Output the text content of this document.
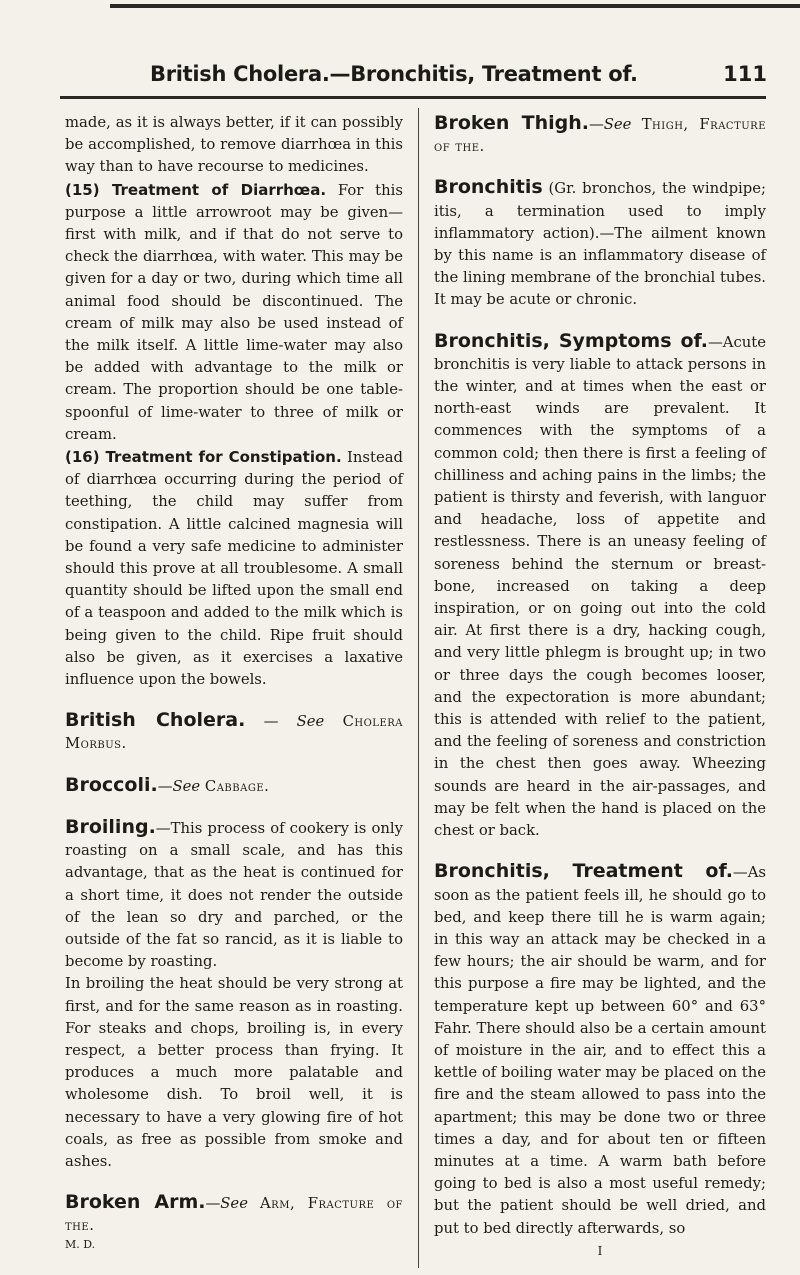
British Cholera.—Bronchitis, Treatment of.	111

made, as it is always better, if it can possibly be accomplished, to remove diarrhœa in this way than to have recourse to medicines.

(15) Treatment of Diarrhœa. For this purpose a little arrowroot may be given—first with milk, and if that do not serve to check the diarrhœa, with water. This may be given for a day or two, during which time all animal food should be discontinued. The cream of milk may also be used instead of the milk itself. A little lime-water may also be added with advantage to the milk or cream. The proportion should be one table-spoonful of lime-water to three of milk or cream.

(16) Treatment for Constipation. Instead of diarrhœa occurring during the period of teething, the child may suffer from constipation. A little calcined magnesia will be found a very safe medicine to administer should this prove at all troublesome. A small quantity should be lifted upon the small end of a teaspoon and added to the milk which is being given to the child. Ripe fruit should also be given, as it exercises a laxative influence upon the bowels.

British Cholera. — See Cholera Morbus.

Broccoli.—See Cabbage.

Broiling.—This process of cookery is only roasting on a small scale, and has this advantage, that as the heat is continued for a short time, it does not render the outside of the lean so dry and parched, or the outside of the fat so rancid, as it is liable to become by roasting.

In broiling the heat should be very strong at first, and for the same reason as in roasting. For steaks and chops, broiling is, in every respect, a better process than frying. It produces a much more palatable and wholesome dish. To broil well, it is necessary to have a very glowing fire of hot coals, as free as possible from smoke and ashes.

Broken Arm.—See Arm, Fracture of the.

M. D.

Broken Thigh.—See Thigh, Fracture of the.

Bronchitis (Gr. bronchos, the windpipe; itis, a termination used to imply inflammatory action).—The ailment known by this name is an inflammatory disease of the lining membrane of the bronchial tubes. It may be acute or chronic.

Bronchitis, Symptoms of.—Acute bronchitis is very liable to attack persons in the winter, and at times when the east or north-east winds are prevalent. It commences with the symptoms of a common cold; then there is first a feeling of chilliness and aching pains in the limbs; the patient is thirsty and feverish, with languor and headache, loss of appetite and restlessness. There is an uneasy feeling of soreness behind the sternum or breast-bone, increased on taking a deep inspiration, or on going out into the cold air. At first there is a dry, hacking cough, and very little phlegm is brought up; in two or three days the cough becomes looser, and the expectoration is more abundant; this is attended with relief to the patient, and the feeling of soreness and constriction in the chest then goes away. Wheezing sounds are heard in the air-passages, and may be felt when the hand is placed on the chest or back.

Bronchitis, Treatment of.—As soon as the patient feels ill, he should go to bed, and keep there till he is warm again; in this way an attack may be checked in a few hours; the air should be warm, and for this purpose a fire may be lighted, and the temperature kept up between 60° and 63° Fahr. There should also be a certain amount of moisture in the air, and to effect this a kettle of boiling water may be placed on the fire and the steam allowed to pass into the apartment; this may be done two or three times a day, and for about ten or fifteen minutes at a time. A warm bath before going to bed is also a most useful remedy; but the patient should be well dried, and put to bed directly afterwards, so

I
